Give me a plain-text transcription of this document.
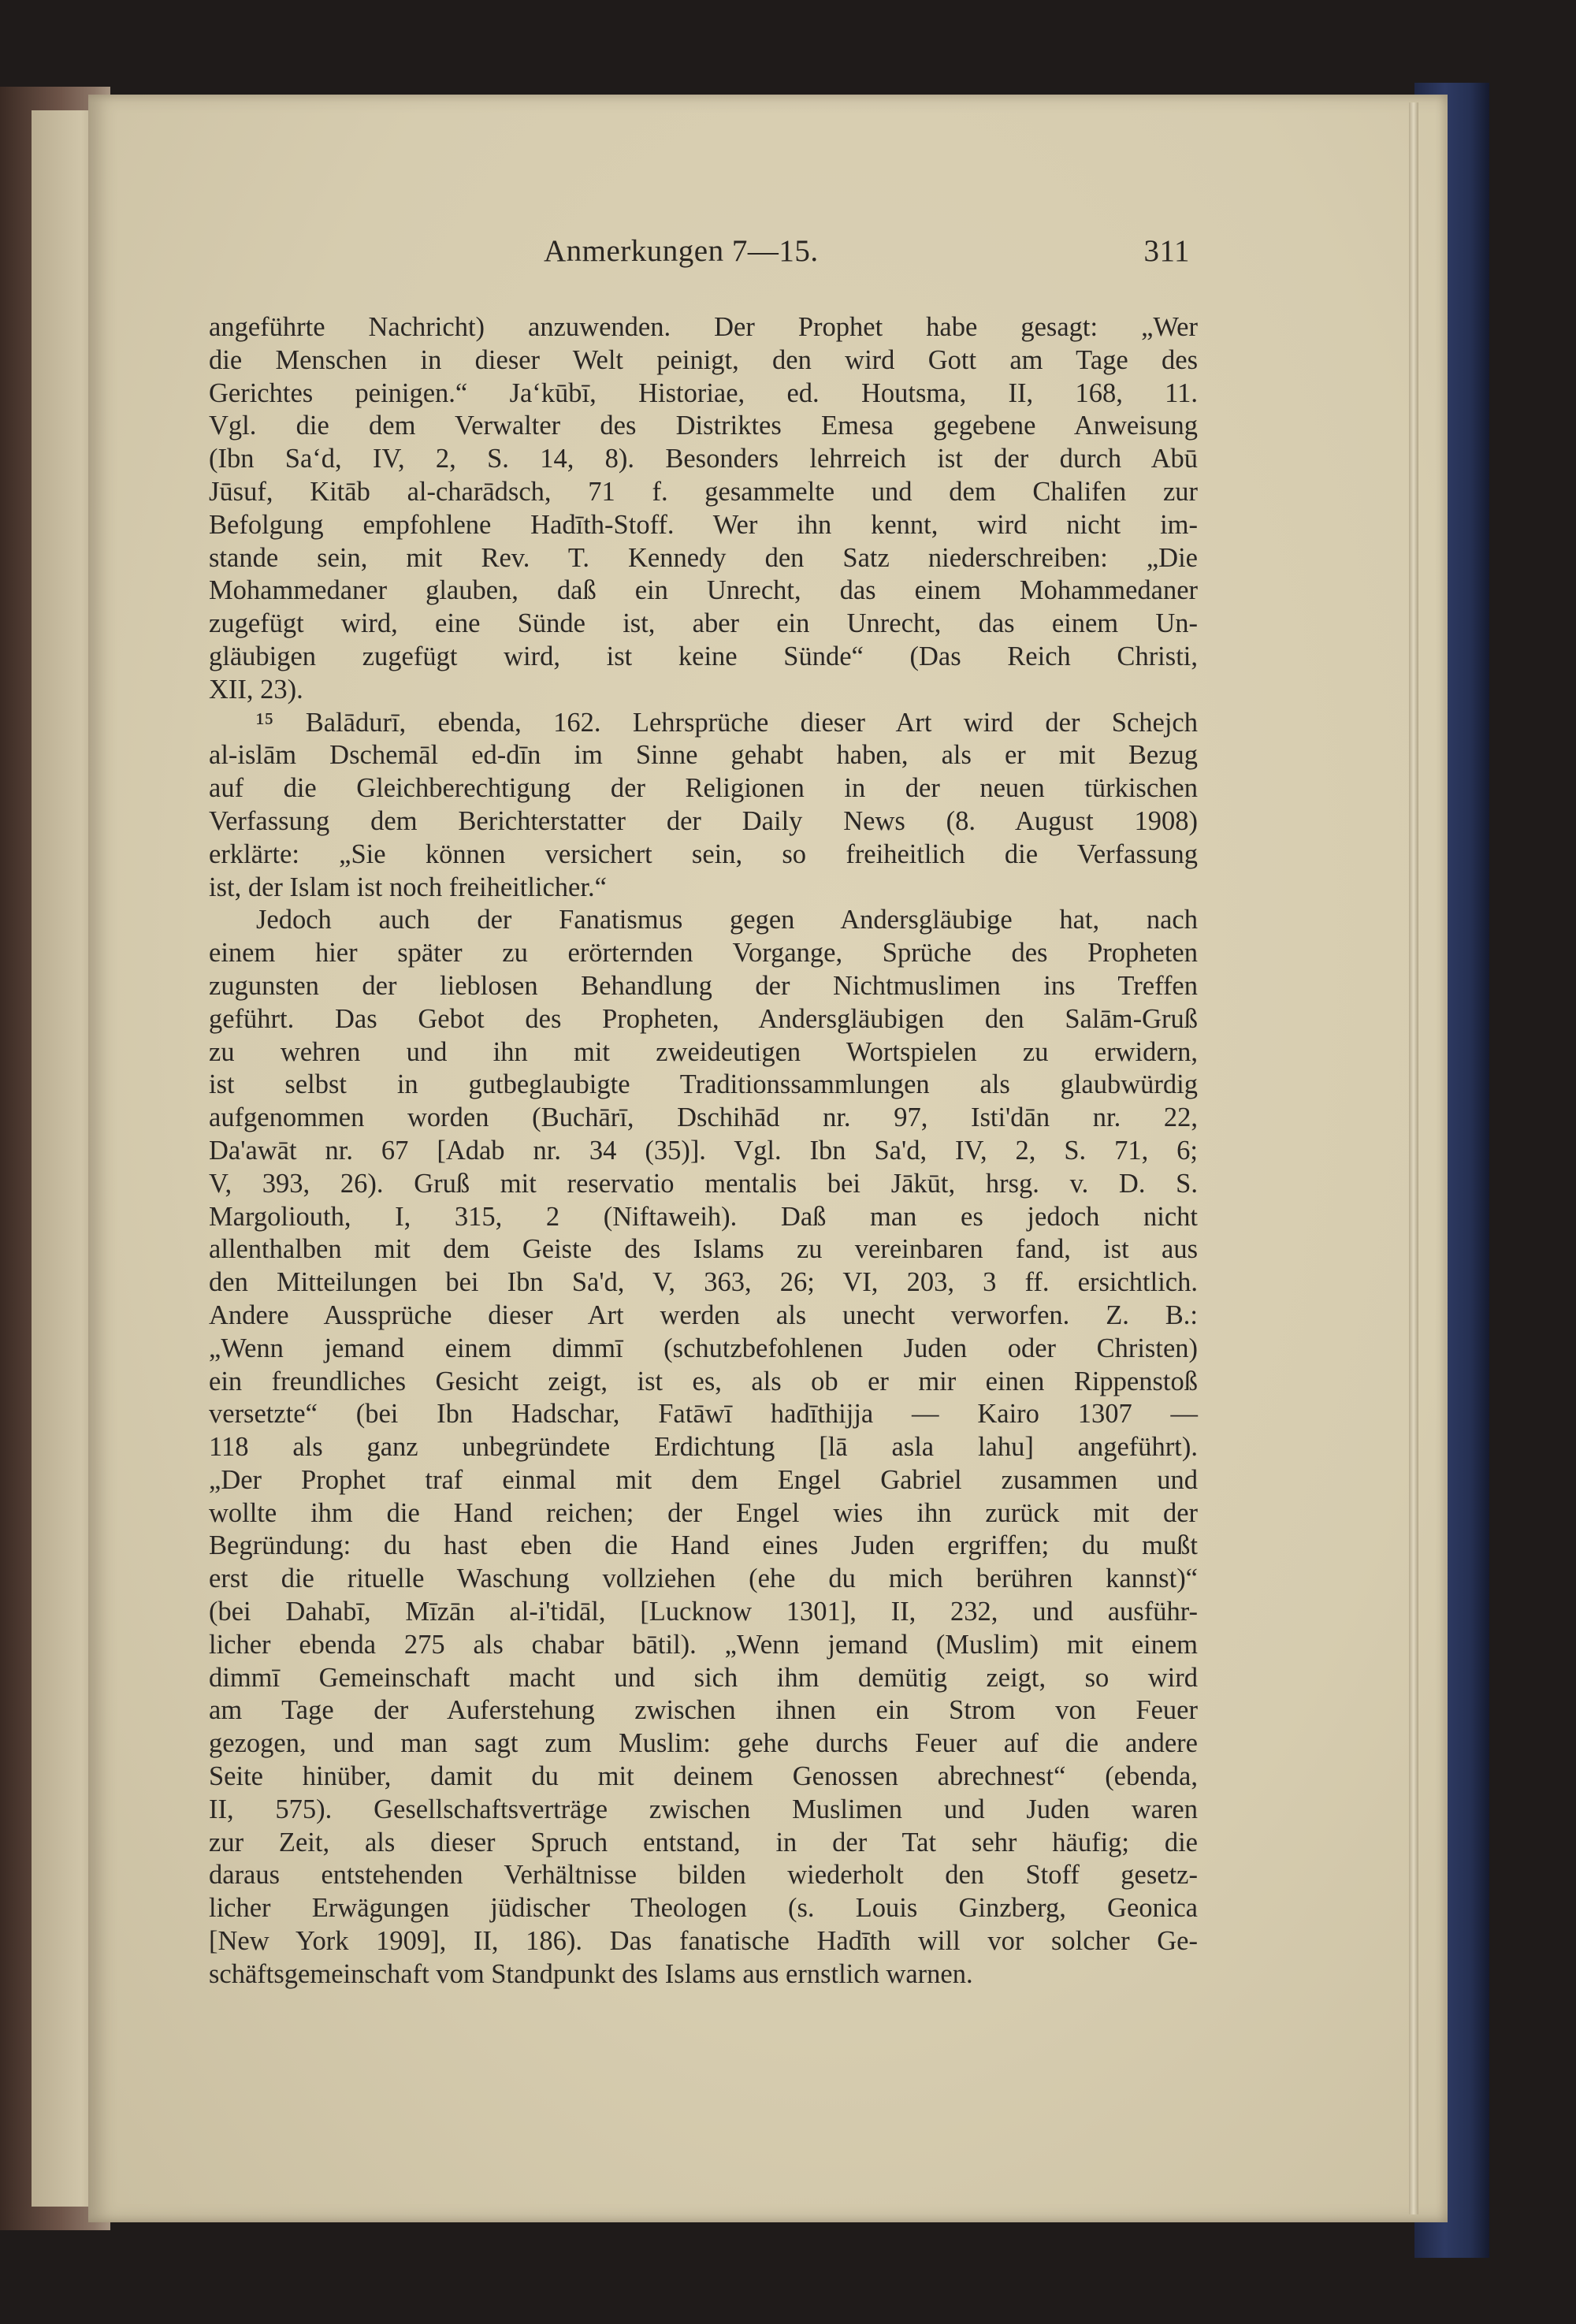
Anmerkungen 7—15.	311
angeführte Nachricht) anzuwenden. Der Prophet habe gesagt: „Wer
die Menschen in dieser Welt peinigt, den wird Gott am Tage des
Gerichtes peinigen.“ Ja‘kūbī, Historiae, ed. Houtsma, II, 168, 11.
Vgl. die dem Verwalter des Distriktes Emesa gegebene Anweisung
(Ibn Sa‘d, IV, 2, S. 14, 8). Besonders lehrreich ist der durch Abū
Jūsuf, Kitāb al-charādsch, 71 f. gesammelte und dem Chalifen zur
Befolgung empfohlene Hadīth-Stoff. Wer ihn kennt, wird nicht im-
stande sein, mit Rev. T. Kennedy den Satz niederschreiben: „Die
Mohammedaner glauben, daß ein Unrecht, das einem Mohammedaner
zugefügt wird, eine Sünde ist, aber ein Unrecht, das einem Un-
gläubigen zugefügt wird, ist keine Sünde“ (Das Reich Christi,
XII, 23).
¹⁵ Balādurī, ebenda, 162. Lehrsprüche dieser Art wird der Schejch
al-islām Dschemāl ed-dīn im Sinne gehabt haben, als er mit Bezug
auf die Gleichberechtigung der Religionen in der neuen türkischen
Verfassung dem Berichterstatter der Daily News (8. August 1908)
erklärte: „Sie können versichert sein, so freiheitlich die Verfassung
ist, der Islam ist noch freiheitlicher.“
Jedoch auch der Fanatismus gegen Andersgläubige hat, nach
einem hier später zu erörternden Vorgange, Sprüche des Propheten
zugunsten der lieblosen Behandlung der Nichtmuslimen ins Treffen
geführt. Das Gebot des Propheten, Andersgläubigen den Salām-Gruß
zu wehren und ihn mit zweideutigen Wortspielen zu erwidern,
ist selbst in gutbeglaubigte Traditionssammlungen als glaubwürdig
aufgenommen worden (Buchārī, Dschihād nr. 97, Isti'dān nr. 22,
Da'awāt nr. 67 [Adab nr. 34 (35)]. Vgl. Ibn Sa'd, IV, 2, S. 71, 6;
V, 393, 26). Gruß mit reservatio mentalis bei Jākūt, hrsg. v. D. S.
Margoliouth, I, 315, 2 (Niftaweih). Daß man es jedoch nicht
allenthalben mit dem Geiste des Islams zu vereinbaren fand, ist aus
den Mitteilungen bei Ibn Sa'd, V, 363, 26; VI, 203, 3 ff. ersichtlich.
Andere Aussprüche dieser Art werden als unecht verworfen. Z. B.:
„Wenn jemand einem dimmī (schutzbefohlenen Juden oder Christen)
ein freundliches Gesicht zeigt, ist es, als ob er mir einen Rippenstoß
versetzte“ (bei Ibn Hadschar, Fatāwī hadīthijja — Kairo 1307 —
118 als ganz unbegründete Erdichtung [lā asla lahu] angeführt).
„Der Prophet traf einmal mit dem Engel Gabriel zusammen und
wollte ihm die Hand reichen; der Engel wies ihn zurück mit der
Begründung: du hast eben die Hand eines Juden ergriffen; du mußt
erst die rituelle Waschung vollziehen (ehe du mich berühren kannst)“
(bei Dahabī, Mīzān al-i'tidāl, [Lucknow 1301], II, 232, und ausführ-
licher ebenda 275 als chabar bātil). „Wenn jemand (Muslim) mit einem
dimmī Gemeinschaft macht und sich ihm demütig zeigt, so wird
am Tage der Auferstehung zwischen ihnen ein Strom von Feuer
gezogen, und man sagt zum Muslim: gehe durchs Feuer auf die andere
Seite hinüber, damit du mit deinem Genossen abrechnest“ (ebenda,
II, 575). Gesellschaftsverträge zwischen Muslimen und Juden waren
zur Zeit, als dieser Spruch entstand, in der Tat sehr häufig; die
daraus entstehenden Verhältnisse bilden wiederholt den Stoff gesetz-
licher Erwägungen jüdischer Theologen (s. Louis Ginzberg, Geonica
[New York 1909], II, 186). Das fanatische Hadīth will vor solcher Ge-
schäftsgemeinschaft vom Standpunkt des Islams aus ernstlich warnen.
